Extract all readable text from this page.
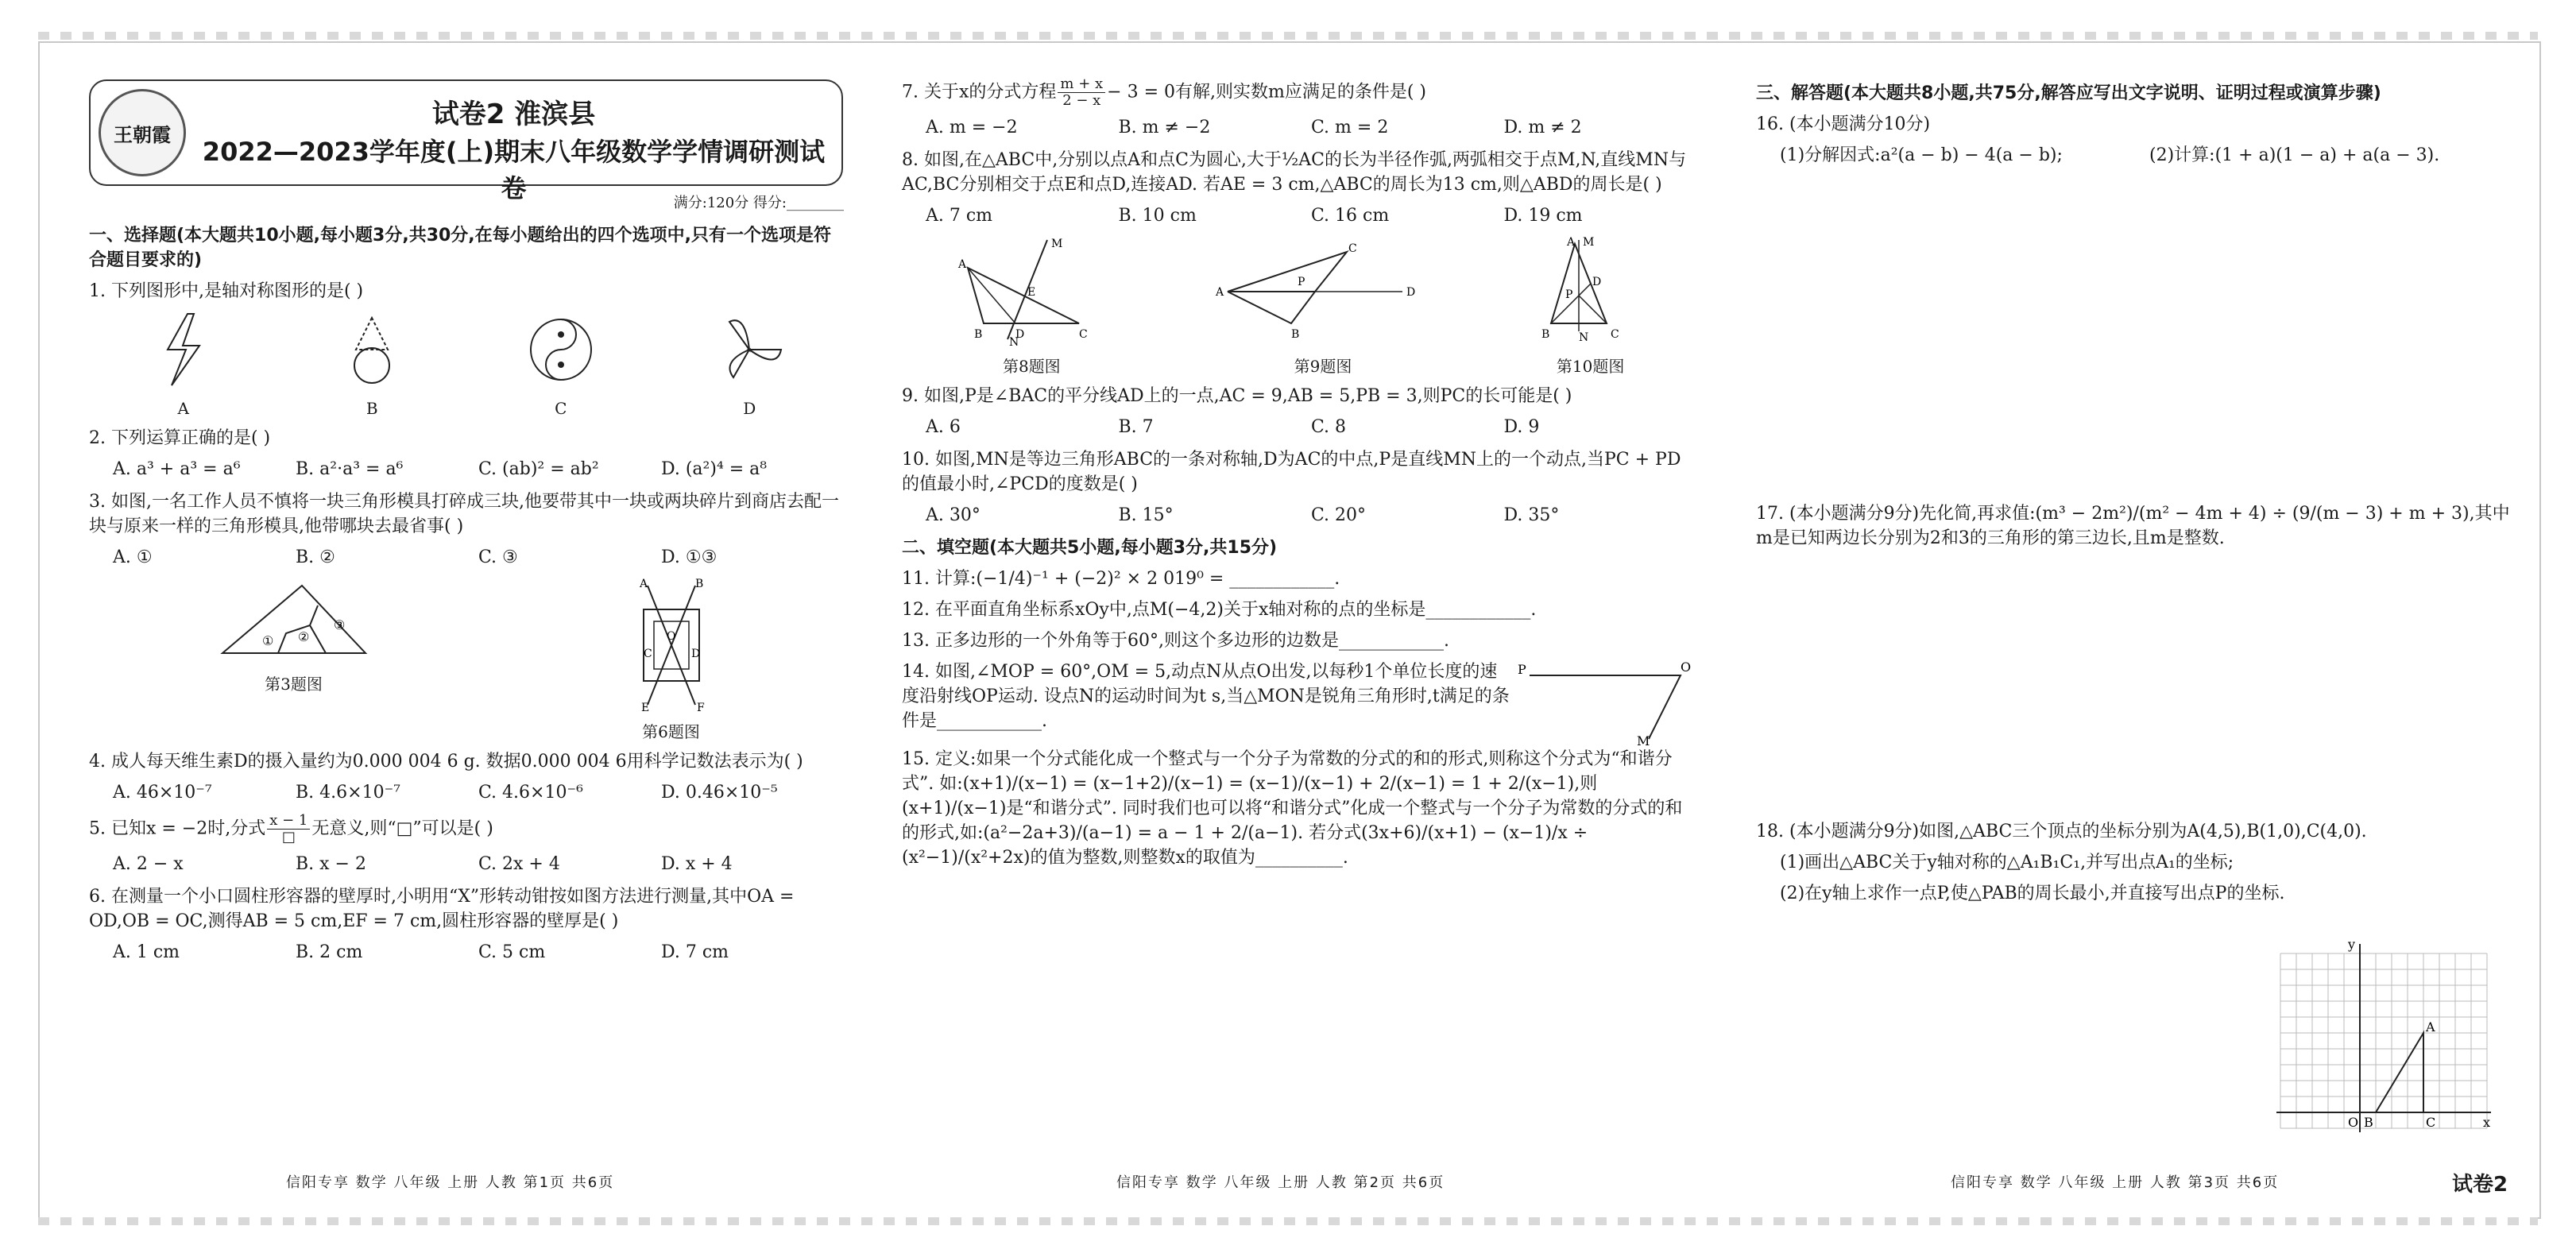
王朝霞
试卷2 淮滨县
2022—2023学年度(上)期末八年级数学学情调研测试卷	满分:120分 得分:________
一、选择题(本大题共10小题,每小题3分,共30分,在每小题给出的四个选项中,只有一个选项是符合题目要求的)
1. 下列图形中,是轴对称图形的是( )
A	B	C	D
2. 下列运算正确的是( )
A. a³ + a³ = a⁶	B. a²·a³ = a⁶	C. (ab)² = ab²	D. (a²)⁴ = a⁸
3. 如图,一名工作人员不慎将一块三角形模具打碎成三块,他要带其中一块或两块碎片到商店去配一块与原来一样的三角形模具,他带哪块去最省事( )
A. ①	B. ②	C. ③	D. ①③
① ②
③
第3题图
A	B
O
C	D
E	F
第6题图
4. 成人每天维生素D的摄入量约为0.000 004 6 g. 数据0.000 004 6用科学记数法表示为( )
A. 46×10⁻⁷	B. 4.6×10⁻⁷	C. 4.6×10⁻⁶	D. 0.46×10⁻⁵
5. 已知x = −2时,分式 $\frac{x - 1}{□}$ 无意义,则“□”可以是( )
A. 2 − x	B. x − 2	C. 2x + 4	D. x + 4
6. 在测量一个小口圆柱形容器的壁厚时,小明用“X”形转动钳按如图方法进行测量,其中OA = OD,OB = OC,测得AB = 5 cm,EF = 7 cm,圆柱形容器的壁厚是( )
A. 1 cm	B. 2 cm	C. 5 cm	D. 7 cm
7. 关于x的分式方程 $\frac{m + x}{2 - x} - 3 = 0$有解,则实数m应满足的条件是( )
A. m = −2	B. m ≠ −2	C. m = 2	D. m ≠ 2
8. 如图,在△ABC中,分别以点A和点C为圆心,大于½AC的长为半径作弧,两弧相交于点M,N,直线MN与AC,BC分别相交于点E和点D,连接AD. 若AE = 3 cm,△ABC的周长为13 cm,则△ABD的周长是( )
A. 7 cm	B. 10 cm	C. 16 cm	D. 19 cm
A
B	C
D
E
M
N
第8题图
A
C
B
P
D
第9题图
A M
B	C
D
P
N
第10题图
9. 如图,P是∠BAC的平分线AD上的一点,AC = 9,AB = 5,PB = 3,则PC的长可能是( )
A. 6	B. 7	C. 8	D. 9
10. 如图,MN是等边三角形ABC的一条对称轴,D为AC的中点,P是直线MN上的一个动点,当PC + PD的值最小时,∠PCD的度数是( )
A. 30°	B. 15°	C. 20°	D. 35°
二、填空题(本大题共5小题,每小题3分,共15分)
11. 计算:(−1/4)⁻¹ + (−2)² × 2 019⁰ = ____________.
12. 在平面直角坐标系xOy中,点M(−4,2)关于x轴对称的点的坐标是____________.
13. 正多边形的一个外角等于60°,则这个多边形的边数是____________.
14. 如图,∠MOP = 60°,OM = 5,动点N从点O出发,以每秒1个单位长度的速度沿射线OP运动. 设点N的运动时间为t s,当△MON是锐角三角形时,t满足的条件是____________.
P	O
M
15. 定义:如果一个分式能化成一个整式与一个分子为常数的分式的和的形式,则称这个分式为“和谐分式”. 如:(x+1)/(x−1) = (x−1+2)/(x−1) = (x−1)/(x−1) + 2/(x−1) = 1 + 2/(x−1),则(x+1)/(x−1)是“和谐分式”. 同时我们也可以将“和谐分式”化成一个整式与一个分子为常数的分式的和的形式,如:(a²−2a+3)/(a−1) = a − 1 + 2/(a−1). 若分式(3x+6)/(x+1) − (x−1)/x ÷ (x²−1)/(x²+2x)的值为整数,则整数x的取值为__________.
三、解答题(本大题共8小题,共75分,解答应写出文字说明、证明过程或演算步骤)
16. (本小题满分10分)
(1)分解因式:a²(a − b) − 4(a − b);	(2)计算:(1 + a)(1 − a) + a(a − 3).
17. (本小题满分9分)先化简,再求值:(m³ − 2m²)/(m² − 4m + 4) ÷ (9/(m − 3) + m + 3),其中m是已知两边长分别为2和3的三角形的第三边长,且m是整数.
18. (本小题满分9分)如图,△ABC三个顶点的坐标分别为A(4,5),B(1,0),C(4,0).
(1)画出△ABC关于y轴对称的△A₁B₁C₁,并写出点A₁的坐标;
(2)在y轴上求作一点P,使△PAB的周长最小,并直接写出点P的坐标.
O B	C
A
x
y
信阳专享 数学 八年级 上册 人教 第1页 共6页	信阳专享 数学 八年级 上册 人教 第2页 共6页	信阳专享 数学 八年级 上册 人教 第3页 共6页	试卷2
